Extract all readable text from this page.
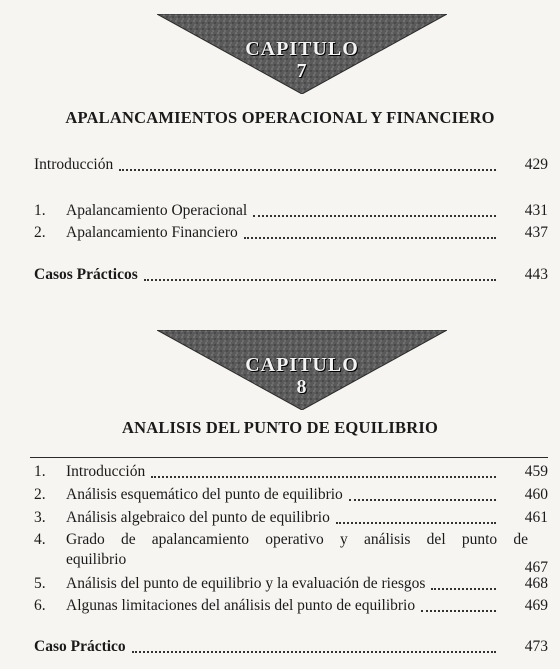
CAPITULO
7
APALANCAMIENTOS OPERACIONAL Y FINANCIERO
Introducción	429
1.	Apalancamiento Operacional	431
2.	Apalancamiento Financiero	437
Casos Prácticos	443
CAPITULO
8
ANALISIS DEL PUNTO DE EQUILIBRIO
1.	Introducción	459
2.	Análisis esquemático del punto de equilibrio	460
3.	Análisis algebraico del punto de equilibrio	461
4.	Grado de apalancamiento operativo y análisis del punto de
equilibrio	467
5.	Análisis del punto de equilibrio y la evaluación de riesgos	468
6.	Algunas limitaciones del análisis del punto de equilibrio	469
Caso Práctico	473
